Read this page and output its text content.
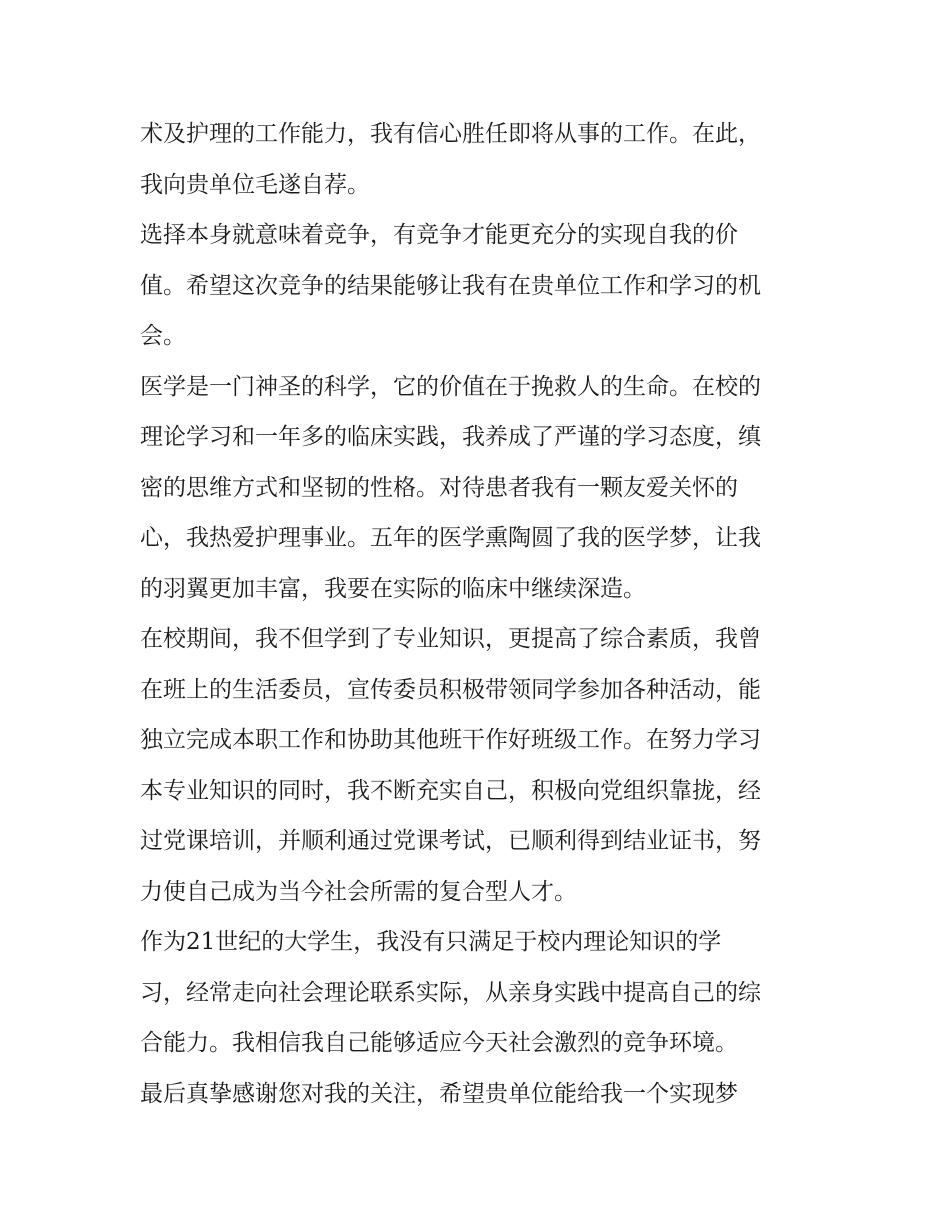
术及护理的工作能力，我有信心胜任即将从事的工作。在此，
我向贵单位毛遂自荐。
选择本身就意味着竞争，有竞争才能更充分的实现自我的价
值。希望这次竞争的结果能够让我有在贵单位工作和学习的机
会。
医学是一门神圣的科学，它的价值在于挽救人的生命。在校的
理论学习和一年多的临床实践，我养成了严谨的学习态度，缜
密的思维方式和坚韧的性格。对待患者我有一颗友爱关怀的
心，我热爱护理事业。五年的医学熏陶圆了我的医学梦，让我
的羽翼更加丰富，我要在实际的临床中继续深造。
在校期间，我不但学到了专业知识，更提高了综合素质，我曾
在班上的生活委员，宣传委员积极带领同学参加各种活动，能
独立完成本职工作和协助其他班干作好班级工作。在努力学习
本专业知识的同时，我不断充实自己，积极向党组织靠拢，经
过党课培训，并顺利通过党课考试，已顺利得到结业证书，努
力使自己成为当今社会所需的复合型人才。
作为21世纪的大学生，我没有只满足于校内理论知识的学
习，经常走向社会理论联系实际，从亲身实践中提高自己的综
合能力。我相信我自己能够适应今天社会激烈的竞争环境。
最后真挚感谢您对我的关注，希望贵单位能给我一个实现梦
